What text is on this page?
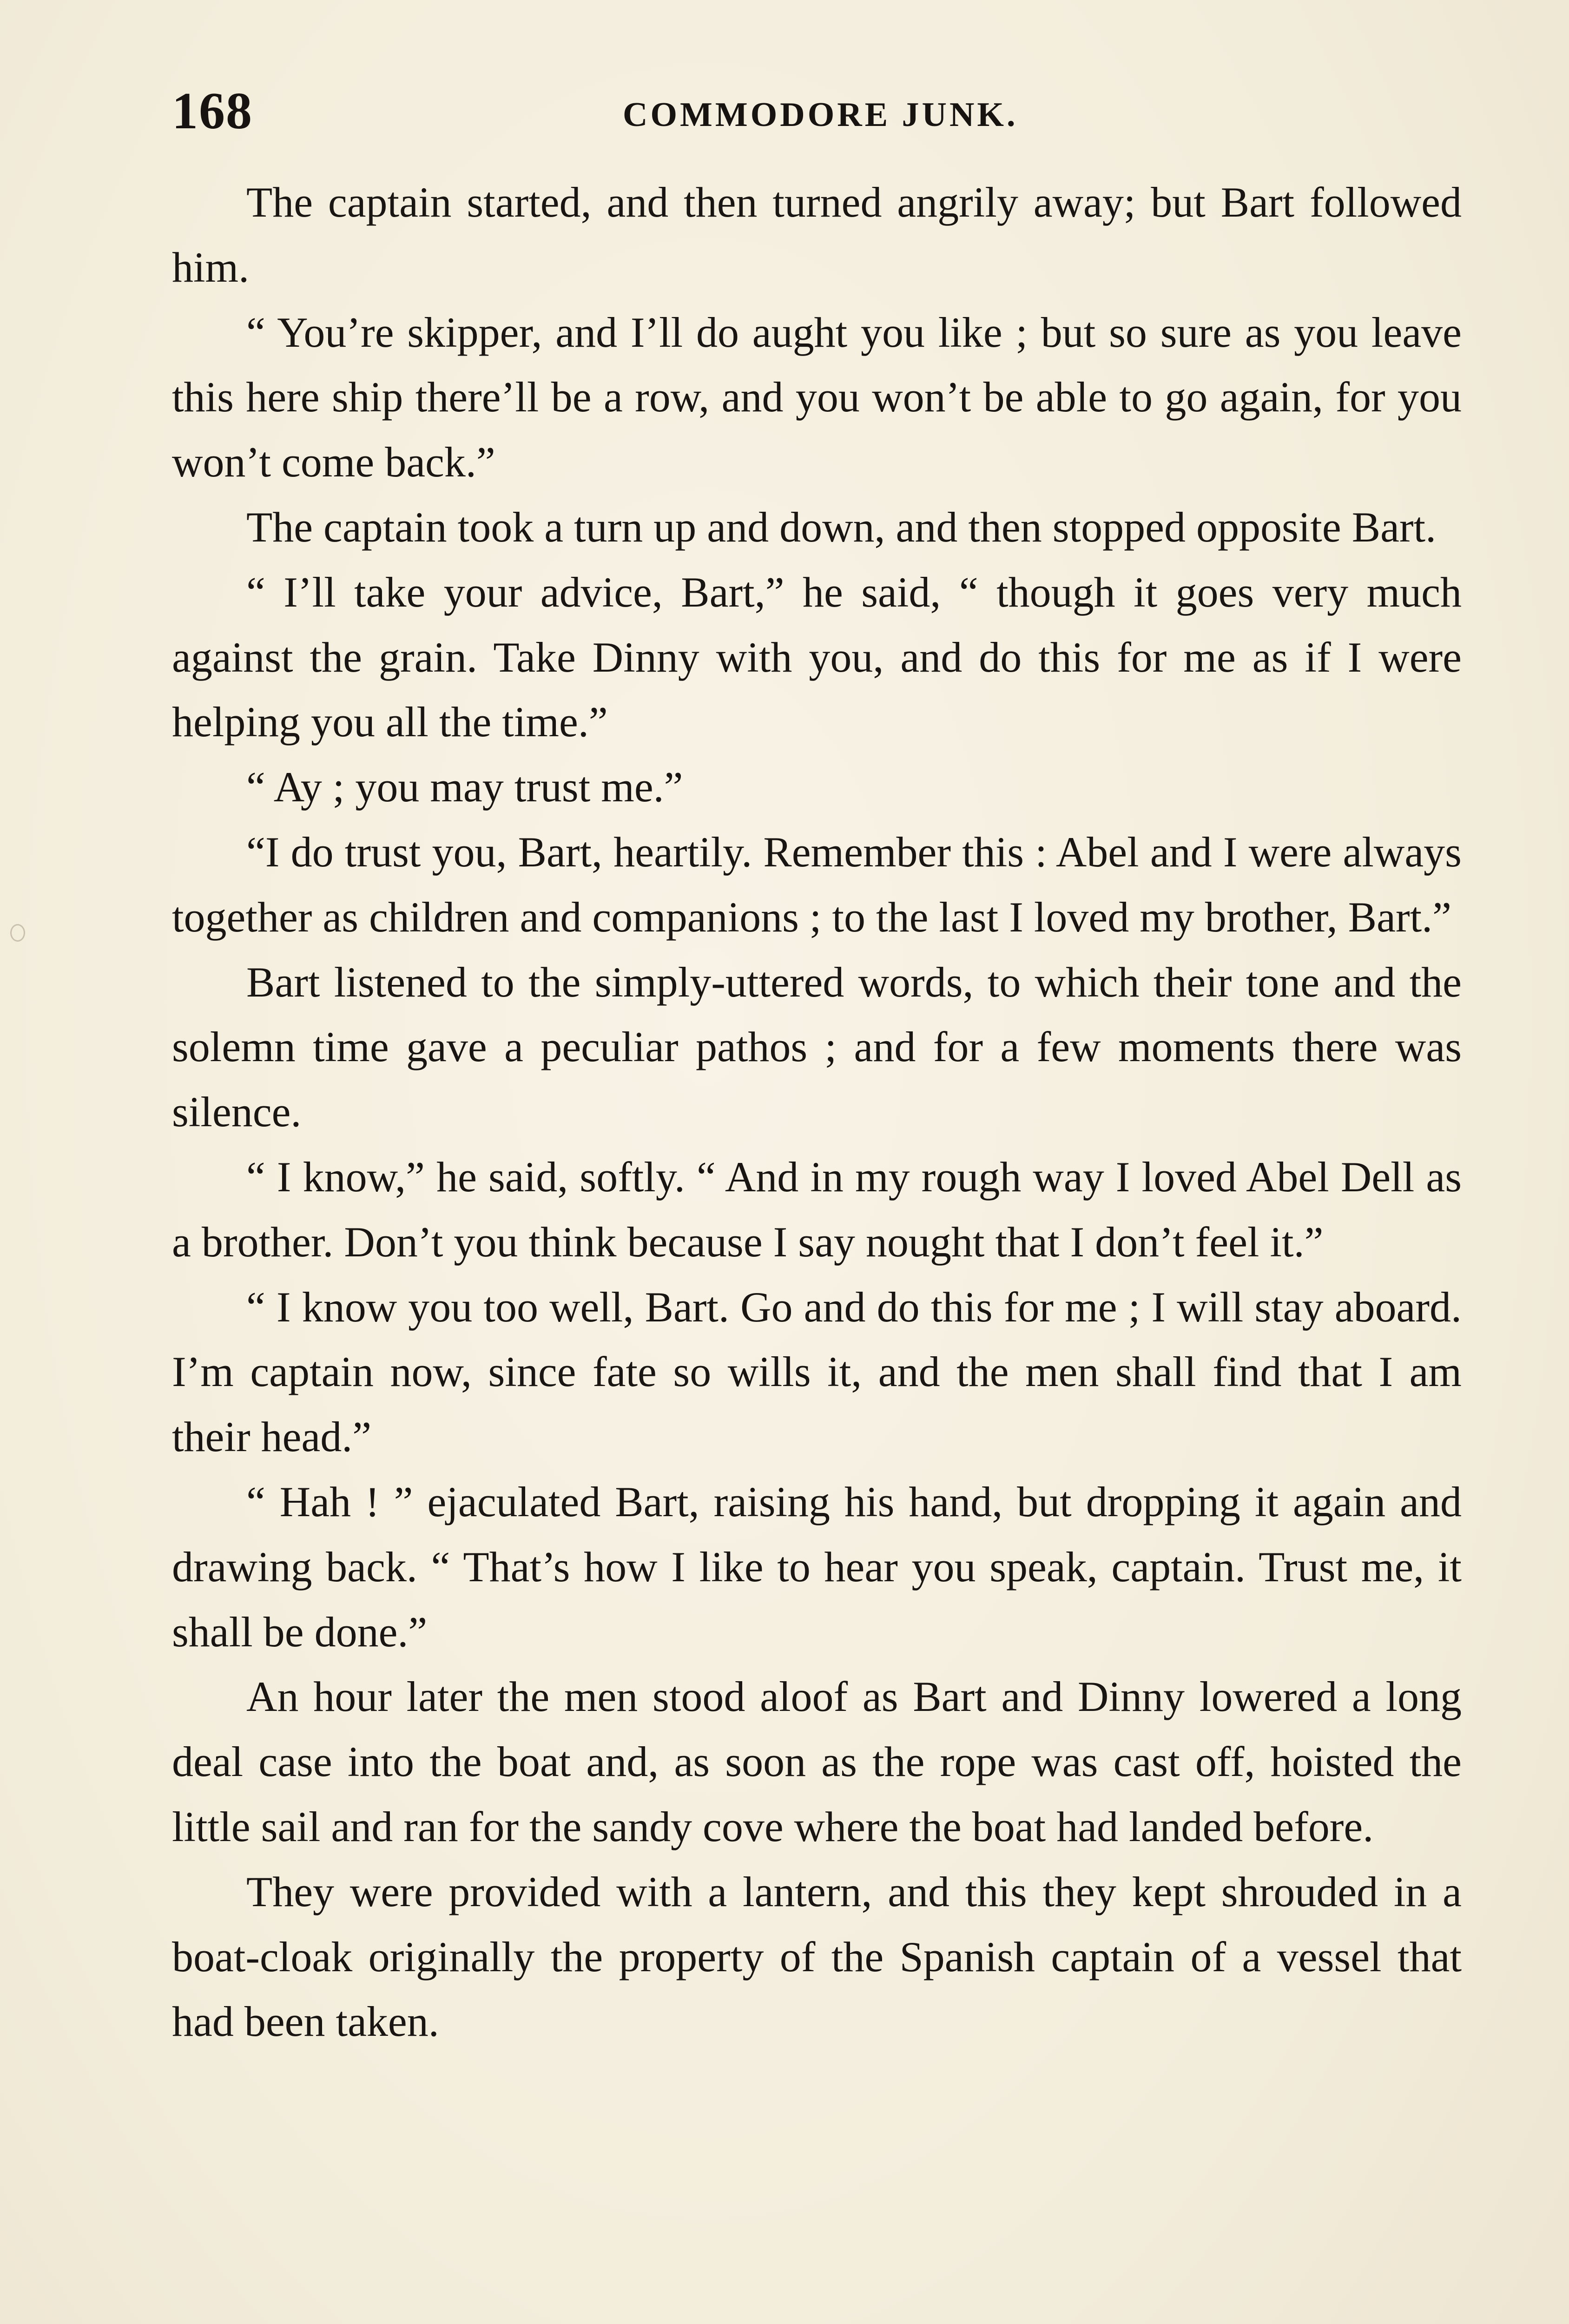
168	COMMODORE JUNK.

The captain started, and then turned angrily away; but Bart followed him.

“ You’re skipper, and I’ll do aught you like ; but so sure as you leave this here ship there’ll be a row, and you won’t be able to go again, for you won’t come back.”

The captain took a turn up and down, and then stopped opposite Bart.

“ I’ll take your advice, Bart,” he said, “ though it goes very much against the grain. Take Dinny with you, and do this for me as if I were helping you all the time.”

“ Ay ; you may trust me.”

“I do trust you, Bart, heartily. Remember this : Abel and I were always together as children and companions ; to the last I loved my brother, Bart.”

Bart listened to the simply-uttered words, to which their tone and the solemn time gave a peculiar pathos ; and for a few moments there was silence.

“ I know,” he said, softly. “ And in my rough way I loved Abel Dell as a brother. Don’t you think because I say nought that I don’t feel it.”

“ I know you too well, Bart. Go and do this for me ; I will stay aboard. I’m captain now, since fate so wills it, and the men shall find that I am their head.”

“ Hah ! ” ejaculated Bart, raising his hand, but dropping it again and drawing back. “ That’s how I like to hear you speak, captain. Trust me, it shall be done.”

An hour later the men stood aloof as Bart and Dinny lowered a long deal case into the boat and, as soon as the rope was cast off, hoisted the little sail and ran for the sandy cove where the boat had landed before.

They were provided with a lantern, and this they kept shrouded in a boat-cloak originally the property of the Spanish captain of a vessel that had been taken.
